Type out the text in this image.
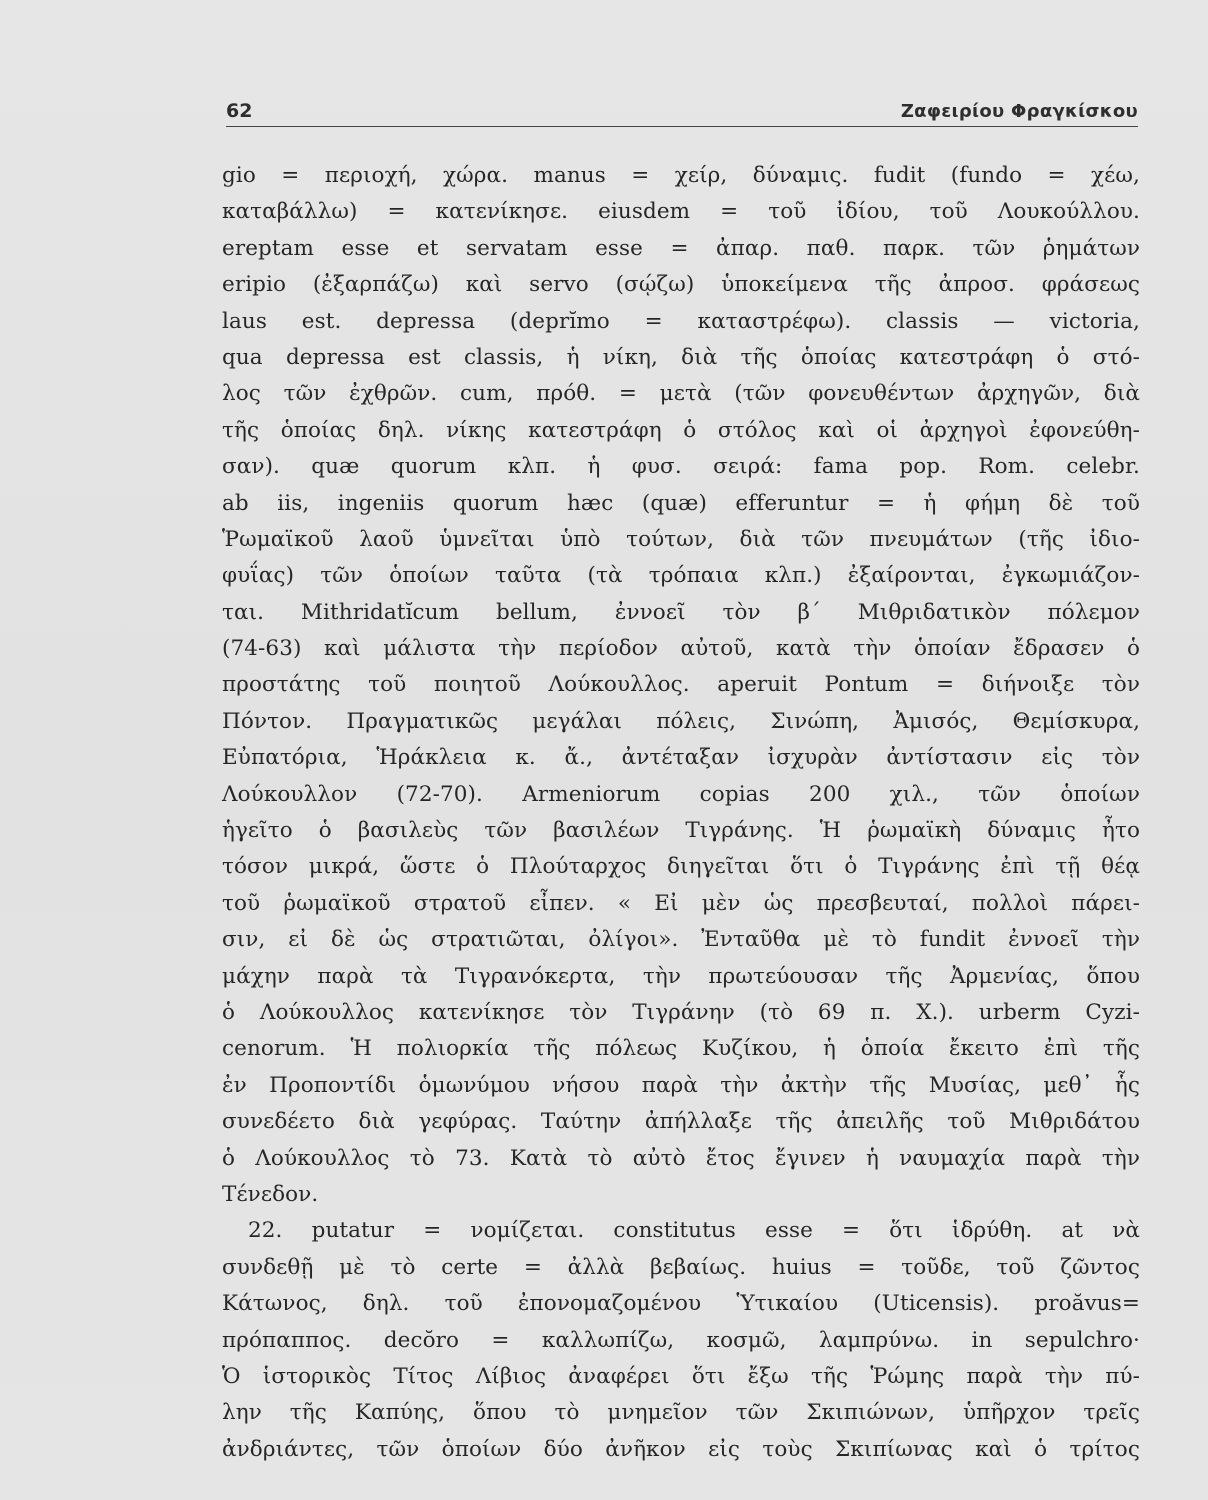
62	Ζαφειρίου Φραγκίσκου
gio = περιοχή, χώρα. manus = χείρ, δύναμις. fudit (fundo = χέω,
καταβάλλω) = κατενίκησε. eiusdem = τοῦ ἰδίου, τοῦ Λουκούλλου.
ereptam esse et servatam esse = ἀπαρ. παθ. παρκ. τῶν ῥημάτων
eripio (ἐξαρπάζω) καὶ servo (σῴζω) ὑποκείμενα τῆς ἀπροσ. φράσεως
laus est. depressa (deprĭmo = καταστρέφω). classis — victoria,
qua depressa est classis, ἡ νίκη, διὰ τῆς ὁποίας κατεστράφη ὁ στό-
λος τῶν ἐχθρῶν. cum, πρόθ. = μετὰ (τῶν φονευθέντων ἀρχηγῶν, διὰ
τῆς ὁποίας δηλ. νίκης κατεστράφη ὁ στόλος καὶ οἱ ἀρχηγοὶ ἐφονεύθη-
σαν). quæ quorum κλπ. ἡ φυσ. σειρά: fama pop. Rom. celebr.
ab iis, ingeniis quorum hæc (quæ) efferuntur = ἡ φήμη δὲ τοῦ
Ῥωμαϊκοῦ λαοῦ ὑμνεῖται ὑπὸ τούτων, διὰ τῶν πνευμάτων (τῆς ἰδιο-
φυΐας) τῶν ὁποίων ταῦτα (τὰ τρόπαια κλπ.) ἐξαίρονται, ἐγκωμιάζον-
ται. Mithridatĭcum bellum, ἐννοεῖ τὸν β΄ Μιθριδατικὸν πόλεμον
(74-63) καὶ μάλιστα τὴν περίοδον αὐτοῦ, κατὰ τὴν ὁποίαν ἔδρασεν ὁ
προστάτης τοῦ ποιητοῦ Λούκουλλος. aperuit Pontum = διήνοιξε τὸν
Πόντον. Πραγματικῶς μεγάλαι πόλεις, Σινώπη, Ἀμισός, Θεμίσκυρα,
Εὐπατόρια, Ἡράκλεια κ. ἄ., ἀντέταξαν ἰσχυρὰν ἀντίστασιν εἰς τὸν
Λούκουλλον (72-70). Armeniorum copias 200 χιλ., τῶν ὁποίων
ἡγεῖτο ὁ βασιλεὺς τῶν βασιλέων Τιγράνης. Ἡ ῥωμαϊκὴ δύναμις ἦτο
τόσον μικρά, ὥστε ὁ Πλούταρχος διηγεῖται ὅτι ὁ Τιγράνης ἐπὶ τῇ θέᾳ
τοῦ ῥωμαϊκοῦ στρατοῦ εἶπεν. « Εἰ μὲν ὡς πρεσβευταί, πολλοὶ πάρει-
σιν, εἰ δὲ ὡς στρατιῶται, ὀλίγοι». Ἐνταῦθα μὲ τὸ fundit ἐννοεῖ τὴν
μάχην παρὰ τὰ Τιγρανόκερτα, τὴν πρωτεύουσαν τῆς Ἀρμενίας, ὅπου
ὁ Λούκουλλος κατενίκησε τὸν Τιγράνην (τὸ 69 π. Χ.). urberm Cyzi-
cenorum. Ἡ πολιορκία τῆς πόλεως Κυζίκου, ἡ ὁποία ἔκειτο ἐπὶ τῆς
ἐν Προποντίδι ὁμωνύμου νήσου παρὰ τὴν ἀκτὴν τῆς Μυσίας, μεθ᾽ ἧς
συνεδέετο διὰ γεφύρας. Ταύτην ἀπήλλαξε τῆς ἀπειλῆς τοῦ Μιθριδάτου
ὁ Λούκουλλος τὸ 73. Κατὰ τὸ αὐτὸ ἔτος ἔγινεν ἡ ναυμαχία παρὰ τὴν
Τένεδον.
22. putatur = νομίζεται. constitutus esse = ὅτι ἱδρύθη. at νὰ
συνδεθῇ μὲ τὸ certe = ἀλλὰ βεβαίως. huius = τοῦδε, τοῦ ζῶντος
Κάτωνος, δηλ. τοῦ ἐπονομαζομένου Ὑτικαίου (Uticensis). proăvus=
πρόπαππος. decŏro = καλλωπίζω, κοσμῶ, λαμπρύνω. in sepulchro·
Ὁ ἱστορικὸς Τίτος Λίβιος ἀναφέρει ὅτι ἔξω τῆς Ῥώμης παρὰ τὴν πύ-
λην τῆς Καπύης, ὅπου τὸ μνημεῖον τῶν Σκιπιώνων, ὑπῆρχον τρεῖς
ἀνδριάντες, τῶν ὁποίων δύο ἀνῆκον εἰς τοὺς Σκιπίωνας καὶ ὁ τρίτος
